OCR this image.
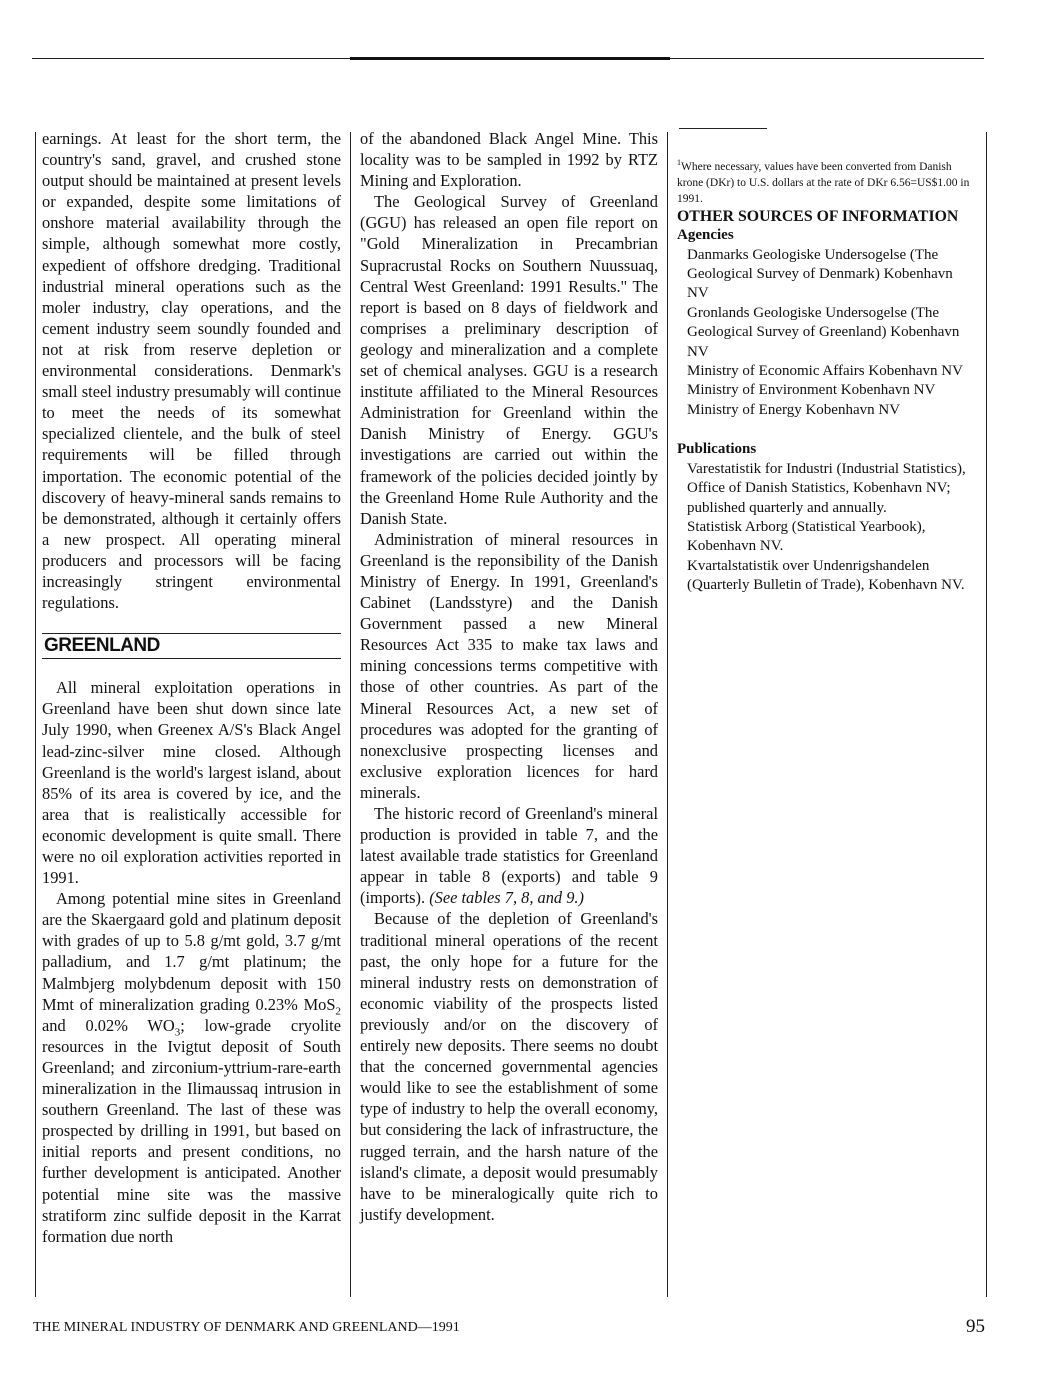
earnings. At least for the short term, the country's sand, gravel, and crushed stone output should be maintained at present levels or expanded, despite some limitations of onshore material availability through the simple, although somewhat more costly, expedient of offshore dredging. Traditional industrial mineral operations such as the moler industry, clay operations, and the cement industry seem soundly founded and not at risk from reserve depletion or environmental considerations. Denmark's small steel industry presumably will continue to meet the needs of its somewhat specialized clientele, and the bulk of steel requirements will be filled through importation. The economic potential of the discovery of heavy-mineral sands remains to be demonstrated, although it certainly offers a new prospect. All operating mineral producers and processors will be facing increasingly stringent environmental regulations.

GREENLAND

All mineral exploitation operations in Greenland have been shut down since late July 1990, when Greenex A/S's Black Angel lead-zinc-silver mine closed. Although Greenland is the world's largest island, about 85% of its area is covered by ice, and the area that is realistically accessible for economic development is quite small. There were no oil exploration activities reported in 1991.

Among potential mine sites in Greenland are the Skaergaard gold and platinum deposit with grades of up to 5.8 g/mt gold, 3.7 g/mt palladium, and 1.7 g/mt platinum; the Malmbjerg molybdenum deposit with 150 Mmt of mineralization grading 0.23% MoS$_2$ and 0.02% $WO_3$; low-grade cryolite resources in the Ivigtut deposit of South Greenland; and zirconium-yttrium-rare-earth mineralization in the Ilimaussaq intrusion in southern Greenland. The last of these was prospected by drilling in 1991, but based on initial reports and present conditions, no further development is anticipated. Another potential mine site was the massive stratiform zinc sulfide deposit in the Karrat formation due north

of the abandoned Black Angel Mine. This locality was to be sampled in 1992 by RTZ Mining and Exploration.

The Geological Survey of Greenland (GGU) has released an open file report on "Gold Mineralization in Precambrian Supracrustal Rocks on Southern Nuussuaq, Central West Greenland: 1991 Results." The report is based on 8 days of fieldwork and comprises a preliminary description of geology and mineralization and a complete set of chemical analyses. GGU is a research institute affiliated to the Mineral Resources Administration for Greenland within the Danish Ministry of Energy. GGU's investigations are carried out within the framework of the policies decided jointly by the Greenland Home Rule Authority and the Danish State.

Administration of mineral resources in Greenland is the reponsibility of the Danish Ministry of Energy. In 1991, Greenland's Cabinet (Landsstyre) and the Danish Government passed a new Mineral Resources Act 335 to make tax laws and mining concessions terms competitive with those of other countries. As part of the Mineral Resources Act, a new set of procedures was adopted for the granting of nonexclusive prospecting licenses and exclusive exploration licences for hard minerals.

The historic record of Greenland's mineral production is provided in table 7, and the latest available trade statistics for Greenland appear in table 8 (exports) and table 9 (imports). (See tables 7, 8, and 9.)

Because of the depletion of Greenland's traditional mineral operations of the recent past, the only hope for a future for the mineral industry rests on demonstration of economic viability of the prospects listed previously and/or on the discovery of entirely new deposits. There seems no doubt that the concerned governmental agencies would like to see the establishment of some type of industry to help the overall economy, but considering the lack of infrastructure, the rugged terrain, and the harsh nature of the island's climate, a deposit would presumably have to be mineralogically quite rich to justify development.

$^1$Where necessary, values have been converted from Danish krone (DKr) to U.S. dollars at the rate of DKr 6.56=US$1.00 in 1991.

OTHER SOURCES OF INFORMATION

Agencies

Danmarks Geologiske Undersogelse (The Geological Survey of Denmark) Kobenhavn NV

Gronlands Geologiske Undersogelse (The Geological Survey of Greenland) Kobenhavn NV

Ministry of Economic Affairs Kobenhavn NV

Ministry of Environment Kobenhavn NV

Ministry of Energy Kobenhavn NV

Publications

Varestatistik for Industri (Industrial Statistics), Office of Danish Statistics, Kobenhavn NV; published quarterly and annually.

Statistisk Arborg (Statistical Yearbook), Kobenhavn NV.

Kvartalstatistik over Undenrigshandelen (Quarterly Bulletin of Trade), Kobenhavn NV.

THE MINERAL INDUSTRY OF DENMARK AND GREENLAND—1991	95
